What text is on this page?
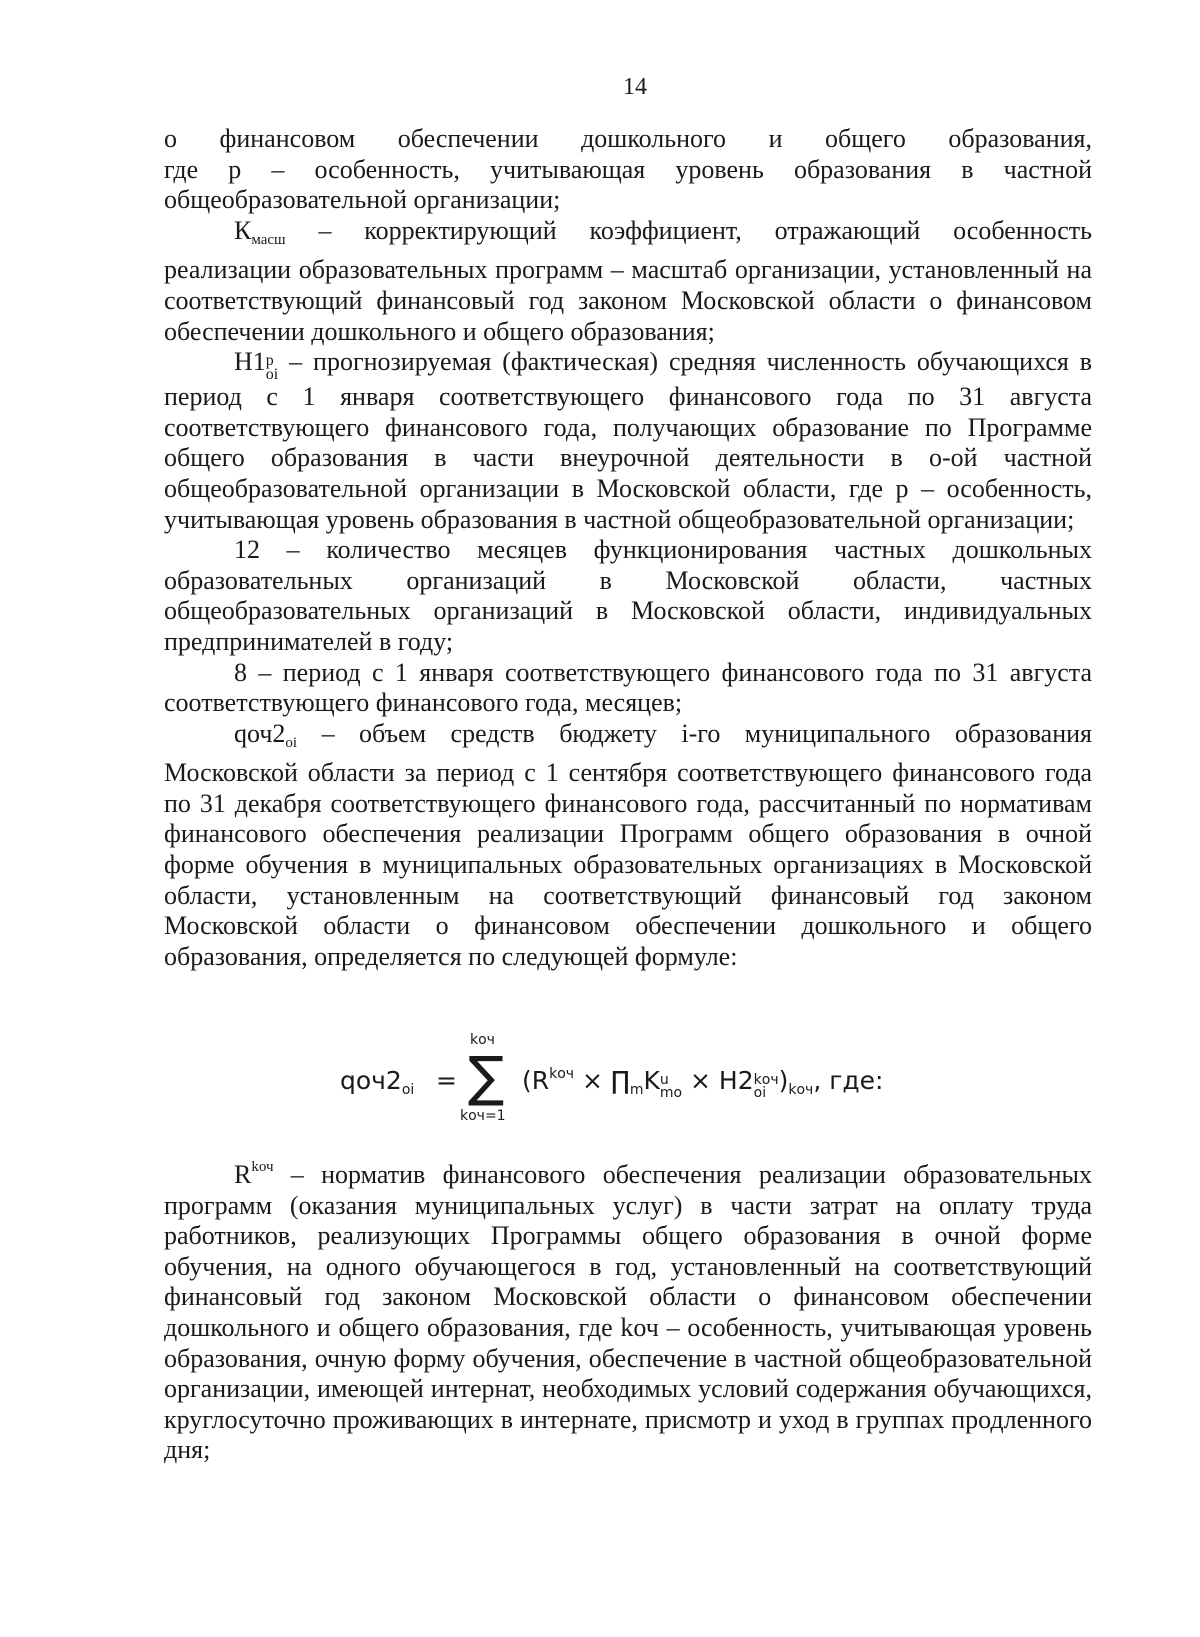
14

о финансовом обеспечении дошкольного и общего образования,

где р – особенность, учитывающая уровень образования в частной

общеобразовательной организации;

$К_{масш}$ – корректирующий коэффициент, отражающий особенность реализации образовательных программ – масштаб организации, установленный на соответствующий финансовый год законом Московской области о финансовом обеспечении дошкольного и общего образования;

Н1 р
oi – прогнозируемая (фактическая) средняя численность обучающихся в период с 1 января соответствующего финансового года по 31 августа соответствующего финансового года, получающих образование по Программе общего образования в части внеурочной деятельности в о-ой частной общеобразовательной организации в Московской области, где р – особенность, учитывающая уровень образования в частной общеобразовательной организации;

12 – количество месяцев функционирования частных дошкольных образовательных организаций в Московской области, частных общеобразовательных организаций в Московской области, индивидуальных предпринимателей в году;

8 – период с 1 января соответствующего финансового года по 31 августа соответствующего финансового года, месяцев;

$qоч2_{oi}$ – объем средств бюджету i-го муниципального образования Московской области за период с 1 сентября соответствующего финансового года по 31 декабря соответствующего финансового года, рассчитанный по нормативам финансового обеспечения реализации Программ общего образования в очной форме обучения в муниципальных образовательных организациях в Московской области, установленным на соответствующий финансовый год законом Московской области о финансовом обеспечении дошкольного и общего образования, определяется по следующей формуле:

$qоч2_{oi}$ =
kоч
∑
kоч=1
($R^{kоч}$ × $\prod_mK$ u
mo × H2 kоч
oi )$_{kоч}$, где:

$R^{kоч}$ – норматив финансового обеспечения реализации образовательных программ (оказания муниципальных услуг) в части затрат на оплату труда работников, реализующих Программы общего образования в очной форме обучения, на одного обучающегося в год, установленный на соответствующий финансовый год законом Московской области о финансовом обеспечении дошкольного и общего образования, где kоч – особенность, учитывающая уровень образования, очную форму обучения, обеспечение в частной общеобразовательной организации, имеющей интернат, необходимых условий содержания обучающихся, круглосуточно проживающих в интернате, присмотр и уход в группах продленного дня;
